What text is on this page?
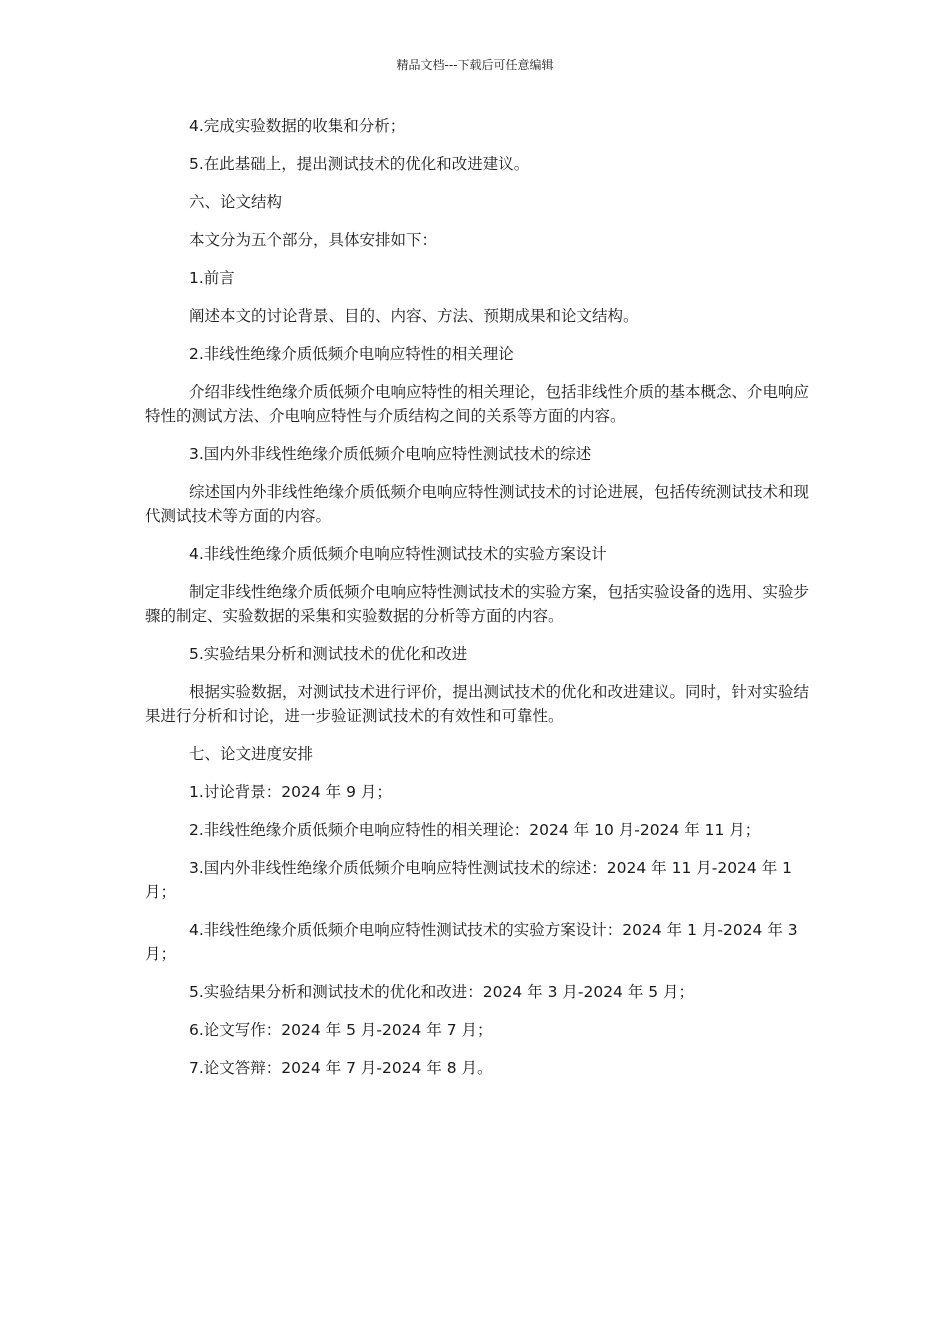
精品文档---下载后可任意编辑

4.完成实验数据的收集和分析；

5.在此基础上，提出测试技术的优化和改进建议。

六、论文结构

本文分为五个部分，具体安排如下：

1.前言

阐述本文的讨论背景、目的、内容、方法、预期成果和论文结构。

2.非线性绝缘介质低频介电响应特性的相关理论

介绍非线性绝缘介质低频介电响应特性的相关理论，包括非线性介质的基本概念、介电响应特性的测试方法、介电响应特性与介质结构之间的关系等方面的内容。

3.国内外非线性绝缘介质低频介电响应特性测试技术的综述

综述国内外非线性绝缘介质低频介电响应特性测试技术的讨论进展，包括传统测试技术和现代测试技术等方面的内容。

4.非线性绝缘介质低频介电响应特性测试技术的实验方案设计

制定非线性绝缘介质低频介电响应特性测试技术的实验方案，包括实验设备的选用、实验步骤的制定、实验数据的采集和实验数据的分析等方面的内容。

5.实验结果分析和测试技术的优化和改进

根据实验数据，对测试技术进行评价，提出测试技术的优化和改进建议。同时，针对实验结果进行分析和讨论，进一步验证测试技术的有效性和可靠性。

七、论文进度安排

1.讨论背景：2024 年 9 月；

2.非线性绝缘介质低频介电响应特性的相关理论：2024 年 10 月-2024 年 11 月；

3.国内外非线性绝缘介质低频介电响应特性测试技术的综述：2024 年 11 月-2024 年 1 月；

4.非线性绝缘介质低频介电响应特性测试技术的实验方案设计：2024 年 1 月-2024 年 3 月；

5.实验结果分析和测试技术的优化和改进：2024 年 3 月-2024 年 5 月；

6.论文写作：2024 年 5 月-2024 年 7 月；

7.论文答辩：2024 年 7 月-2024 年 8 月。
